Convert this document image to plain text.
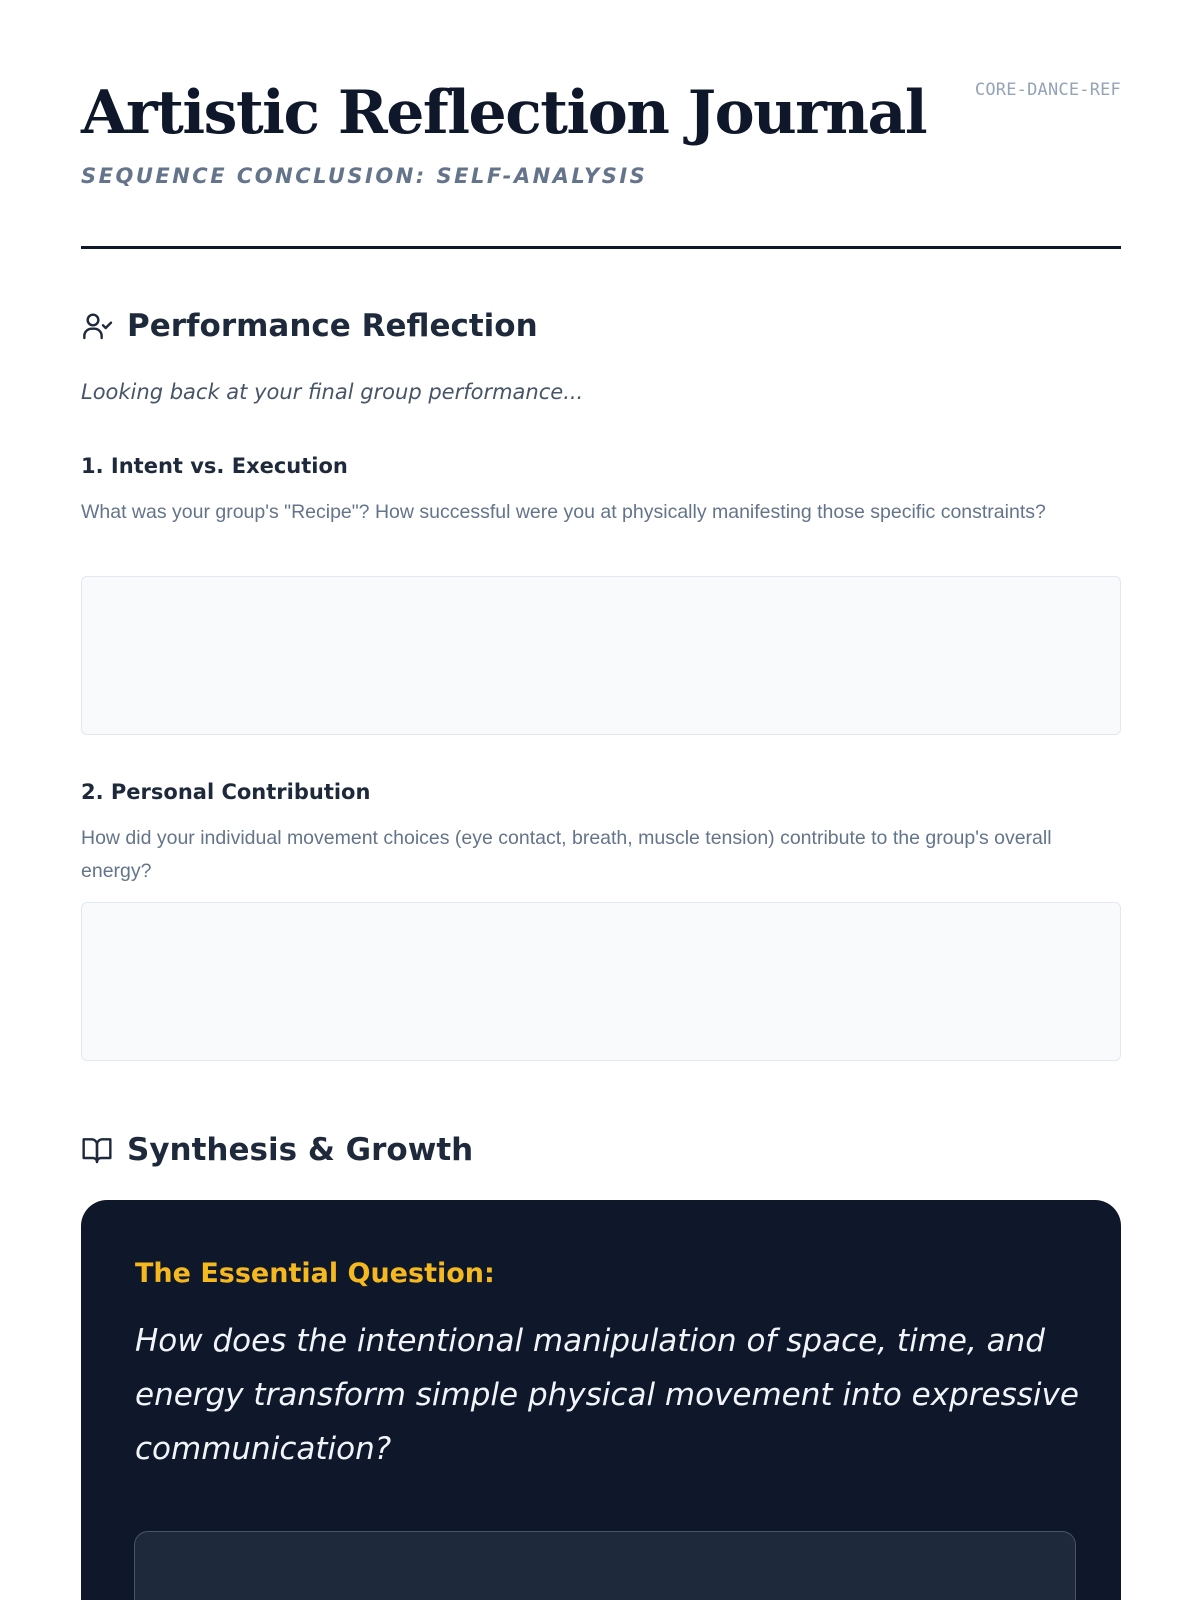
Artistic Reflection Journal
SEQUENCE CONCLUSION: SELF-ANALYSIS
CORE-DANCE-REF
Performance Reflection
Looking back at your final group performance...
1. Intent vs. Execution
What was your group's "Recipe"? How successful were you at physically manifesting those specific constraints?
2. Personal Contribution
How did your individual movement choices (eye contact, breath, muscle tension) contribute to the group's overall energy?
Synthesis & Growth
The Essential Question:
How does the intentional manipulation of space, time, and energy transform simple physical movement into expressive communication?
